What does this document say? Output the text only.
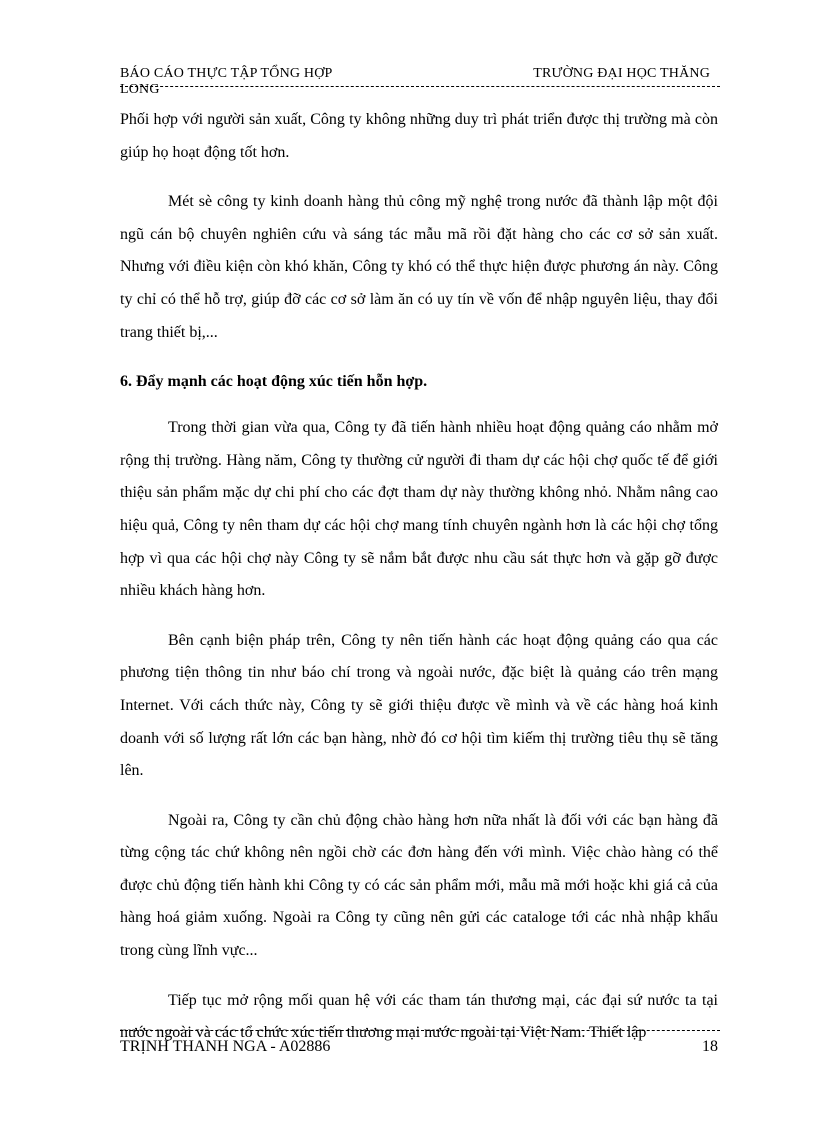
BÁO CÁO THỰC TẬP TỔNG HỢP
LONG
TRƯỜNG ĐẠI HỌC THĂNG

Phối hợp với người sản xuất, Công ty không những duy trì phát triển được thị trường mà còn giúp họ hoạt động tốt hơn.

Mét sè công ty kinh doanh hàng thủ công mỹ nghệ trong nước đã thành lập một đội ngũ cán bộ chuyên nghiên cứu và sáng tác mẫu mã rồi đặt hàng cho các cơ sở sản xuất. Nhưng với điều kiện còn khó khăn, Công ty khó có thể thực hiện được phương án này. Công ty chỉ có thể hỗ trợ, giúp đỡ các cơ sở làm ăn có uy tín về vốn để nhập nguyên liệu, thay đổi trang thiết bị,...

6. Đẩy mạnh các hoạt động xúc tiến hỗn hợp.

Trong thời gian vừa qua, Công ty đã tiến hành nhiều hoạt động quảng cáo nhằm mở rộng thị trường. Hàng năm, Công ty thường cử người đi tham dự các hội chợ quốc tế để giới thiệu sản phẩm mặc dự chi phí cho các đợt tham dự này thường không nhỏ. Nhằm nâng cao hiệu quả, Công ty nên tham dự các hội chợ mang tính chuyên ngành hơn là các hội chợ tổng hợp vì qua các hội chợ này Công ty sẽ nắm bắt được nhu cầu sát thực hơn và gặp gỡ được nhiều khách hàng hơn.

Bên cạnh biện pháp trên, Công ty nên tiến hành các hoạt động quảng cáo qua các phương tiện thông tin như báo chí trong và ngoài nước, đặc biệt là quảng cáo trên mạng Internet. Với cách thức này, Công ty sẽ giới thiệu được về mình và về các hàng hoá kinh doanh với số lượng rất lớn các bạn hàng, nhờ đó cơ hội tìm kiếm thị trường tiêu thụ sẽ tăng lên.

Ngoài ra, Công ty cần chủ động chào hàng hơn nữa nhất là đối với các bạn hàng đã từng cộng tác chứ không nên ngồi chờ các đơn hàng đến với mình. Việc chào hàng có thể được chủ động tiến hành khi Công ty có các sản phẩm mới, mẫu mã mới hoặc khi giá cả của hàng hoá giảm xuống. Ngoài ra Công ty cũng nên gửi các cataloge tới các nhà nhập khẩu trong cùng lĩnh vực...

Tiếp tục mở rộng mối quan hệ với các tham tán thương mại, các đại sứ nước ta tại nước ngoài và các tổ chức xúc tiến thương mại nước ngoài tại Việt Nam. Thiết lập

TRỊNH THANH NGA - A02886	18
